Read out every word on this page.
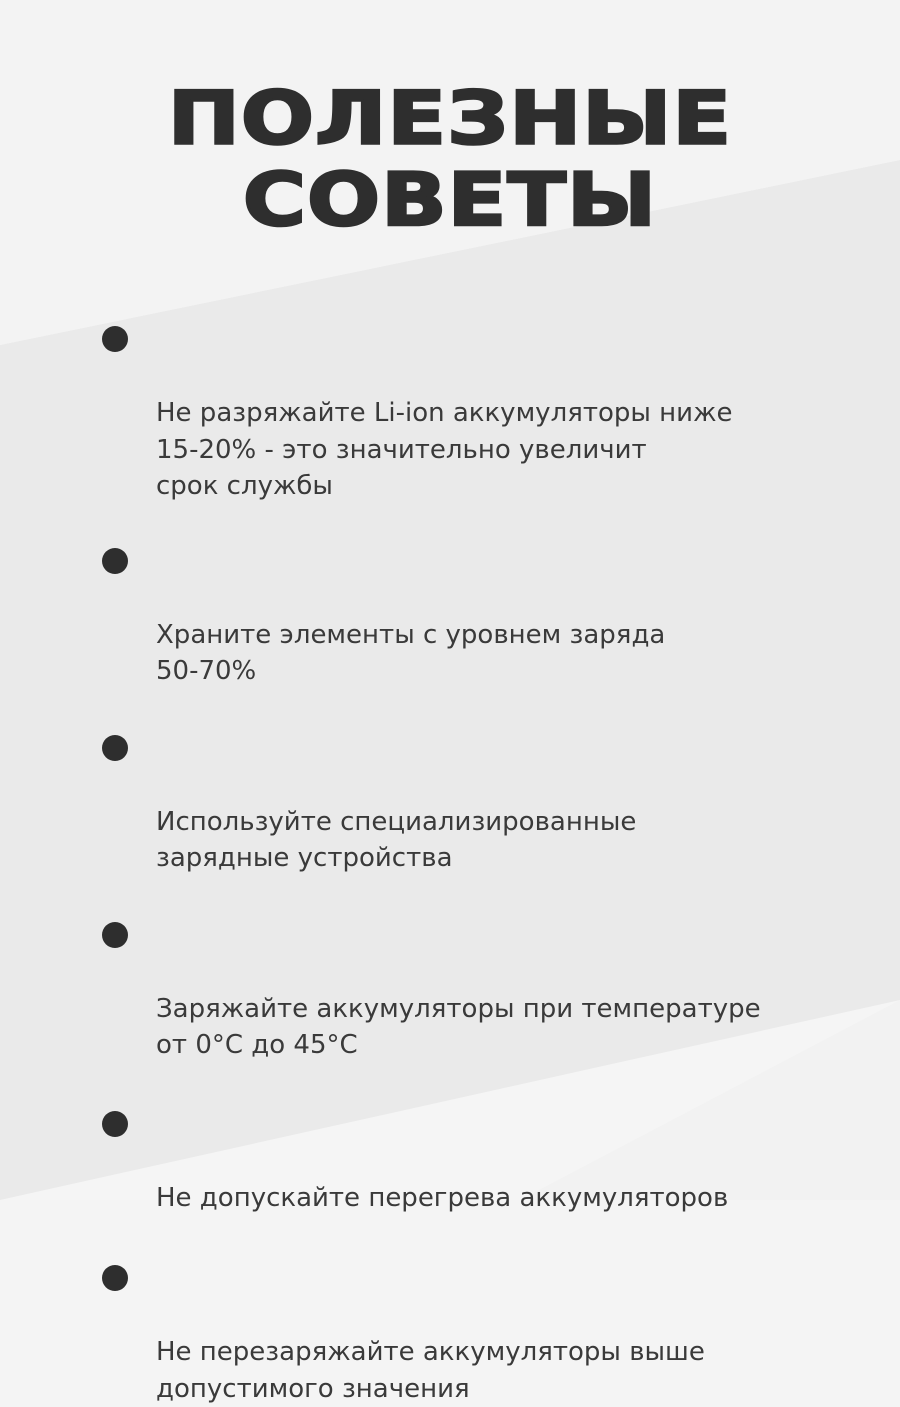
ПОЛЕЗНЫЕ СОВЕТЫ

Не разряжайте Li-ion аккумуляторы ниже
15-20% - это значительно увеличит
срок службы

Храните элементы с уровнем заряда
50-70%

Используйте специализированные
зарядные устройства

Заряжайте аккумуляторы при температуре
от 0°С до 45°С

Не допускайте перегрева аккумуляторов

Не перезаряжайте аккумуляторы выше
допустимого значения
